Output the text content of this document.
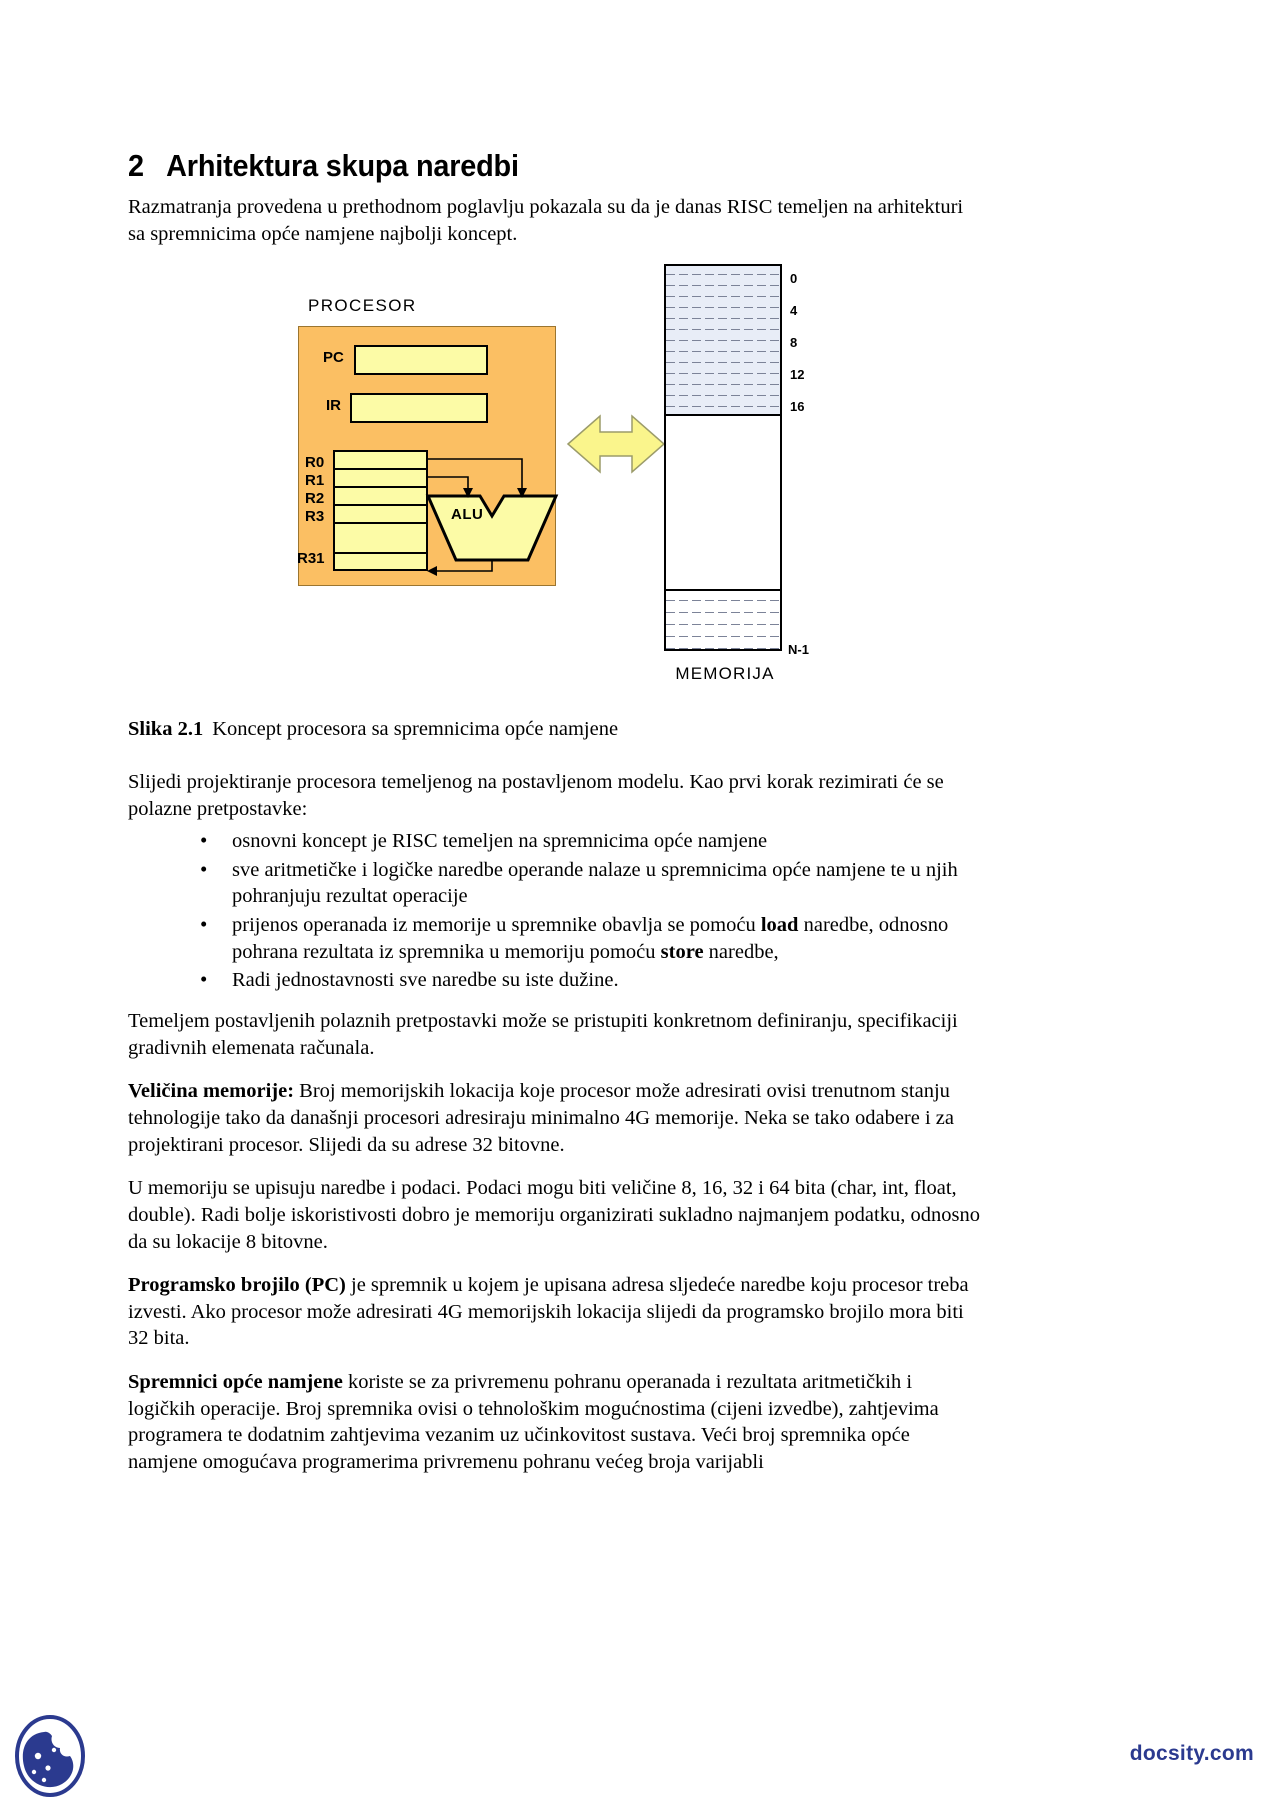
2 Arhitektura skupa naredbi

Razmatranja provedena u prethodnom poglavlju pokazala su da je danas RISC temeljen na arhitekturi sa spremnicima opće namjene najbolji koncept.

PROCESOR
PC
IR
R0
R1
R2
R3
R31
ALU
0
4
8
12
16
N-1
MEMORIJA
Slika 2.1 Koncept procesora sa spremnicima opće namjene

Slijedi projektiranje procesora temeljenog na postavljenom modelu. Kao prvi korak rezimirati će se polazne pretpostavke:

• osnovni koncept je RISC temeljen na spremnicima opće namjene
• sve aritmetičke i logičke naredbe operande nalaze u spremnicima opće namjene te u njih pohranjuju rezultat operacije
• prijenos operanada iz memorije u spremnike obavlja se pomoću load naredbe, odnosno pohrana rezultata iz spremnika u memoriju pomoću store naredbe,
• Radi jednostavnosti sve naredbe su iste dužine.

Temeljem postavljenih polaznih pretpostavki može se pristupiti konkretnom definiranju, specifikaciji gradivnih elemenata računala.

Veličina memorije: Broj memorijskih lokacija koje procesor može adresirati ovisi trenutnom stanju tehnologije tako da današnji procesori adresiraju minimalno 4G memorije. Neka se tako odabere i za projektirani procesor. Slijedi da su adrese 32 bitovne.

U memoriju se upisuju naredbe i podaci. Podaci mogu biti veličine 8, 16, 32 i 64 bita (char, int, float, double). Radi bolje iskoristivosti dobro je memoriju organizirati sukladno najmanjem podatku, odnosno da su lokacije 8 bitovne.

Programsko brojilo (PC) je spremnik u kojem je upisana adresa sljedeće naredbe koju procesor treba izvesti. Ako procesor može adresirati 4G memorijskih lokacija slijedi da programsko brojilo mora biti 32 bita.

Spremnici opće namjene koriste se za privremenu pohranu operanada i rezultata aritmetičkih i logičkih operacije. Broj spremnika ovisi o tehnološkim mogućnostima (cijeni izvedbe), zahtjevima programera te dodatnim zahtjevima vezanim uz učinkovitost sustava. Veći broj spremnika opće namjene omogućava programerima privremenu pohranu većeg broja varijabli

docsity.com
